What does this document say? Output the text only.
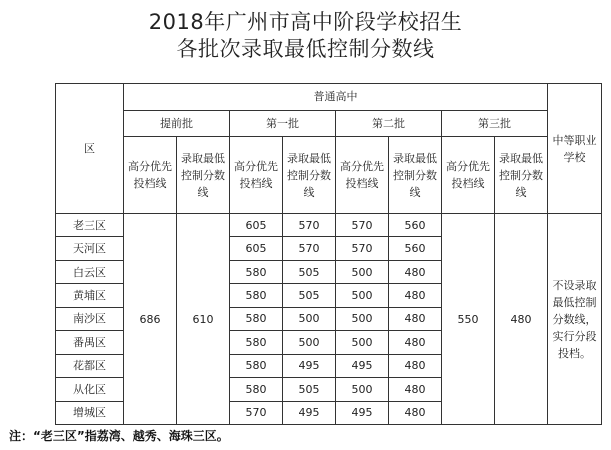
2018年广州市高中阶段学校招生
各批次录取最低控制分数线
区	普通高中								中等职业学校
	提前批		第一批		第二批		第三批		
	高分优先投档线	录取最低控制分数线	高分优先投档线	录取最低控制分数线	高分优先投档线	录取最低控制分数线	高分优先投档线	录取最低控制分数线	
老三区	686	610	605	570	570	560	550	480	不设录取最低控制分数线，实行分段投档。
天河区			605	570	570	560			
白云区			580	505	500	480			
黄埔区			580	505	500	480			
南沙区			580	500	500	480			
番禺区			580	500	500	480			
花都区			580	495	495	480			
从化区			580	505	500	480			
增城区			570	495	495	480			
注：“老三区”指荔湾、越秀、海珠三区。
